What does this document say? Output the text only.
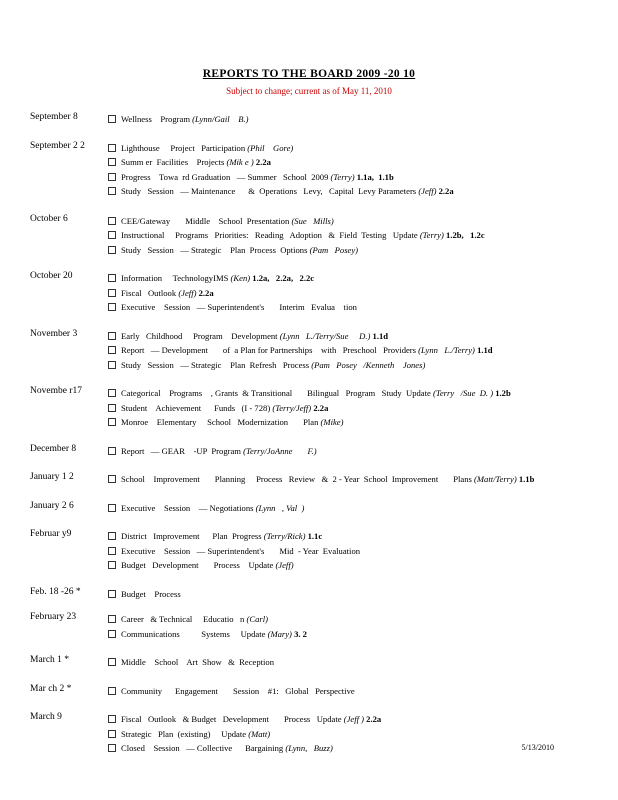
REPORTS TO THE BOARD 2009 -20 10
Subject to change; current as of May 11, 2010
September 8	Wellness    Program (Lynn/Gail    B.)
September 2 2	Lighthouse     Project   Participation (Phil    Gore)
Summ er  Facilities    Projects (Mik e ) 2.2a
Progress    Towa  rd Graduation   — Summer   School  2009 (Terry) 1.1a,  1.1b
Study   Session   — Maintenance      &  Operations   Levy,   Capital  Levy Parameters (Jeff) 2.2a
October 6	CEE/Gateway       Middle    School  Presentation (Sue   Mills)
Instructional     Programs   Priorities:   Reading   Adoption   &  Field  Testing   Update (Terry) 1.2b,   1.2c
Study   Session   — Strategic    Plan  Process  Options (Pam   Posey)
October 20	Information     TechnologyIMS (Ken) 1.2a,   2.2a,   2.2c
Fiscal   Outlook (Jeff) 2.2a
Executive    Session   — Superintendent's       Interim   Evalua    tion
November 3	Early   Childhood     Program    Development (Lynn   L./Terry/Sue     D.) 1.1d
Report   — Development       of  a Plan for Partnerships    with   Preschool   Providers (Lynn   L./Terry) 1.1d
Study   Session   — Strategic    Plan  Refresh   Process (Pam   Posey   /Kenneth    Jones)
Novembe r17	Categorical    Programs    , Grants  & Transitional       Bilingual   Program   Study  Update (Terry   /Sue  D. ) 1.2b
Student    Achievement      Funds   (I - 728) (Terry/Jeff) 2.2a
Monroe    Elementary     School   Modernization       Plan (Mike)
December 8	Report   — GEAR    -UP  Program (Terry/JoAnne       F.)
January 1 2	School    Improvement       Planning     Process   Review   &  2 - Year  School  Improvement       Plans (Matt/Terry) 1.1b
January 2 6	Executive    Session    — Negotiations (Lynn   , Val  )
Februar y9	District   Improvement      Plan  Progress (Terry/Rick) 1.1c
Executive    Session   — Superintendent's       Mid  - Year  Evaluation
Budget   Development       Process    Update (Jeff)
Feb. 18 -26 *	Budget    Process
February 23	Career   & Technical     Educatio   n (Carl)
Communications          Systems     Update (Mary) 3. 2
March 1 *	Middle    School    Art  Show   &  Reception
Mar ch 2 *	Community      Engagement       Session    #1:   Global   Perspective
March 9	Fiscal   Outlook   & Budget   Development       Process   Update (Jeff ) 2.2a
Strategic   Plan  (existing)     Update (Matt)
Closed    Session   — Collective      Bargaining (Lynn,   Buzz)	5/13/2010
